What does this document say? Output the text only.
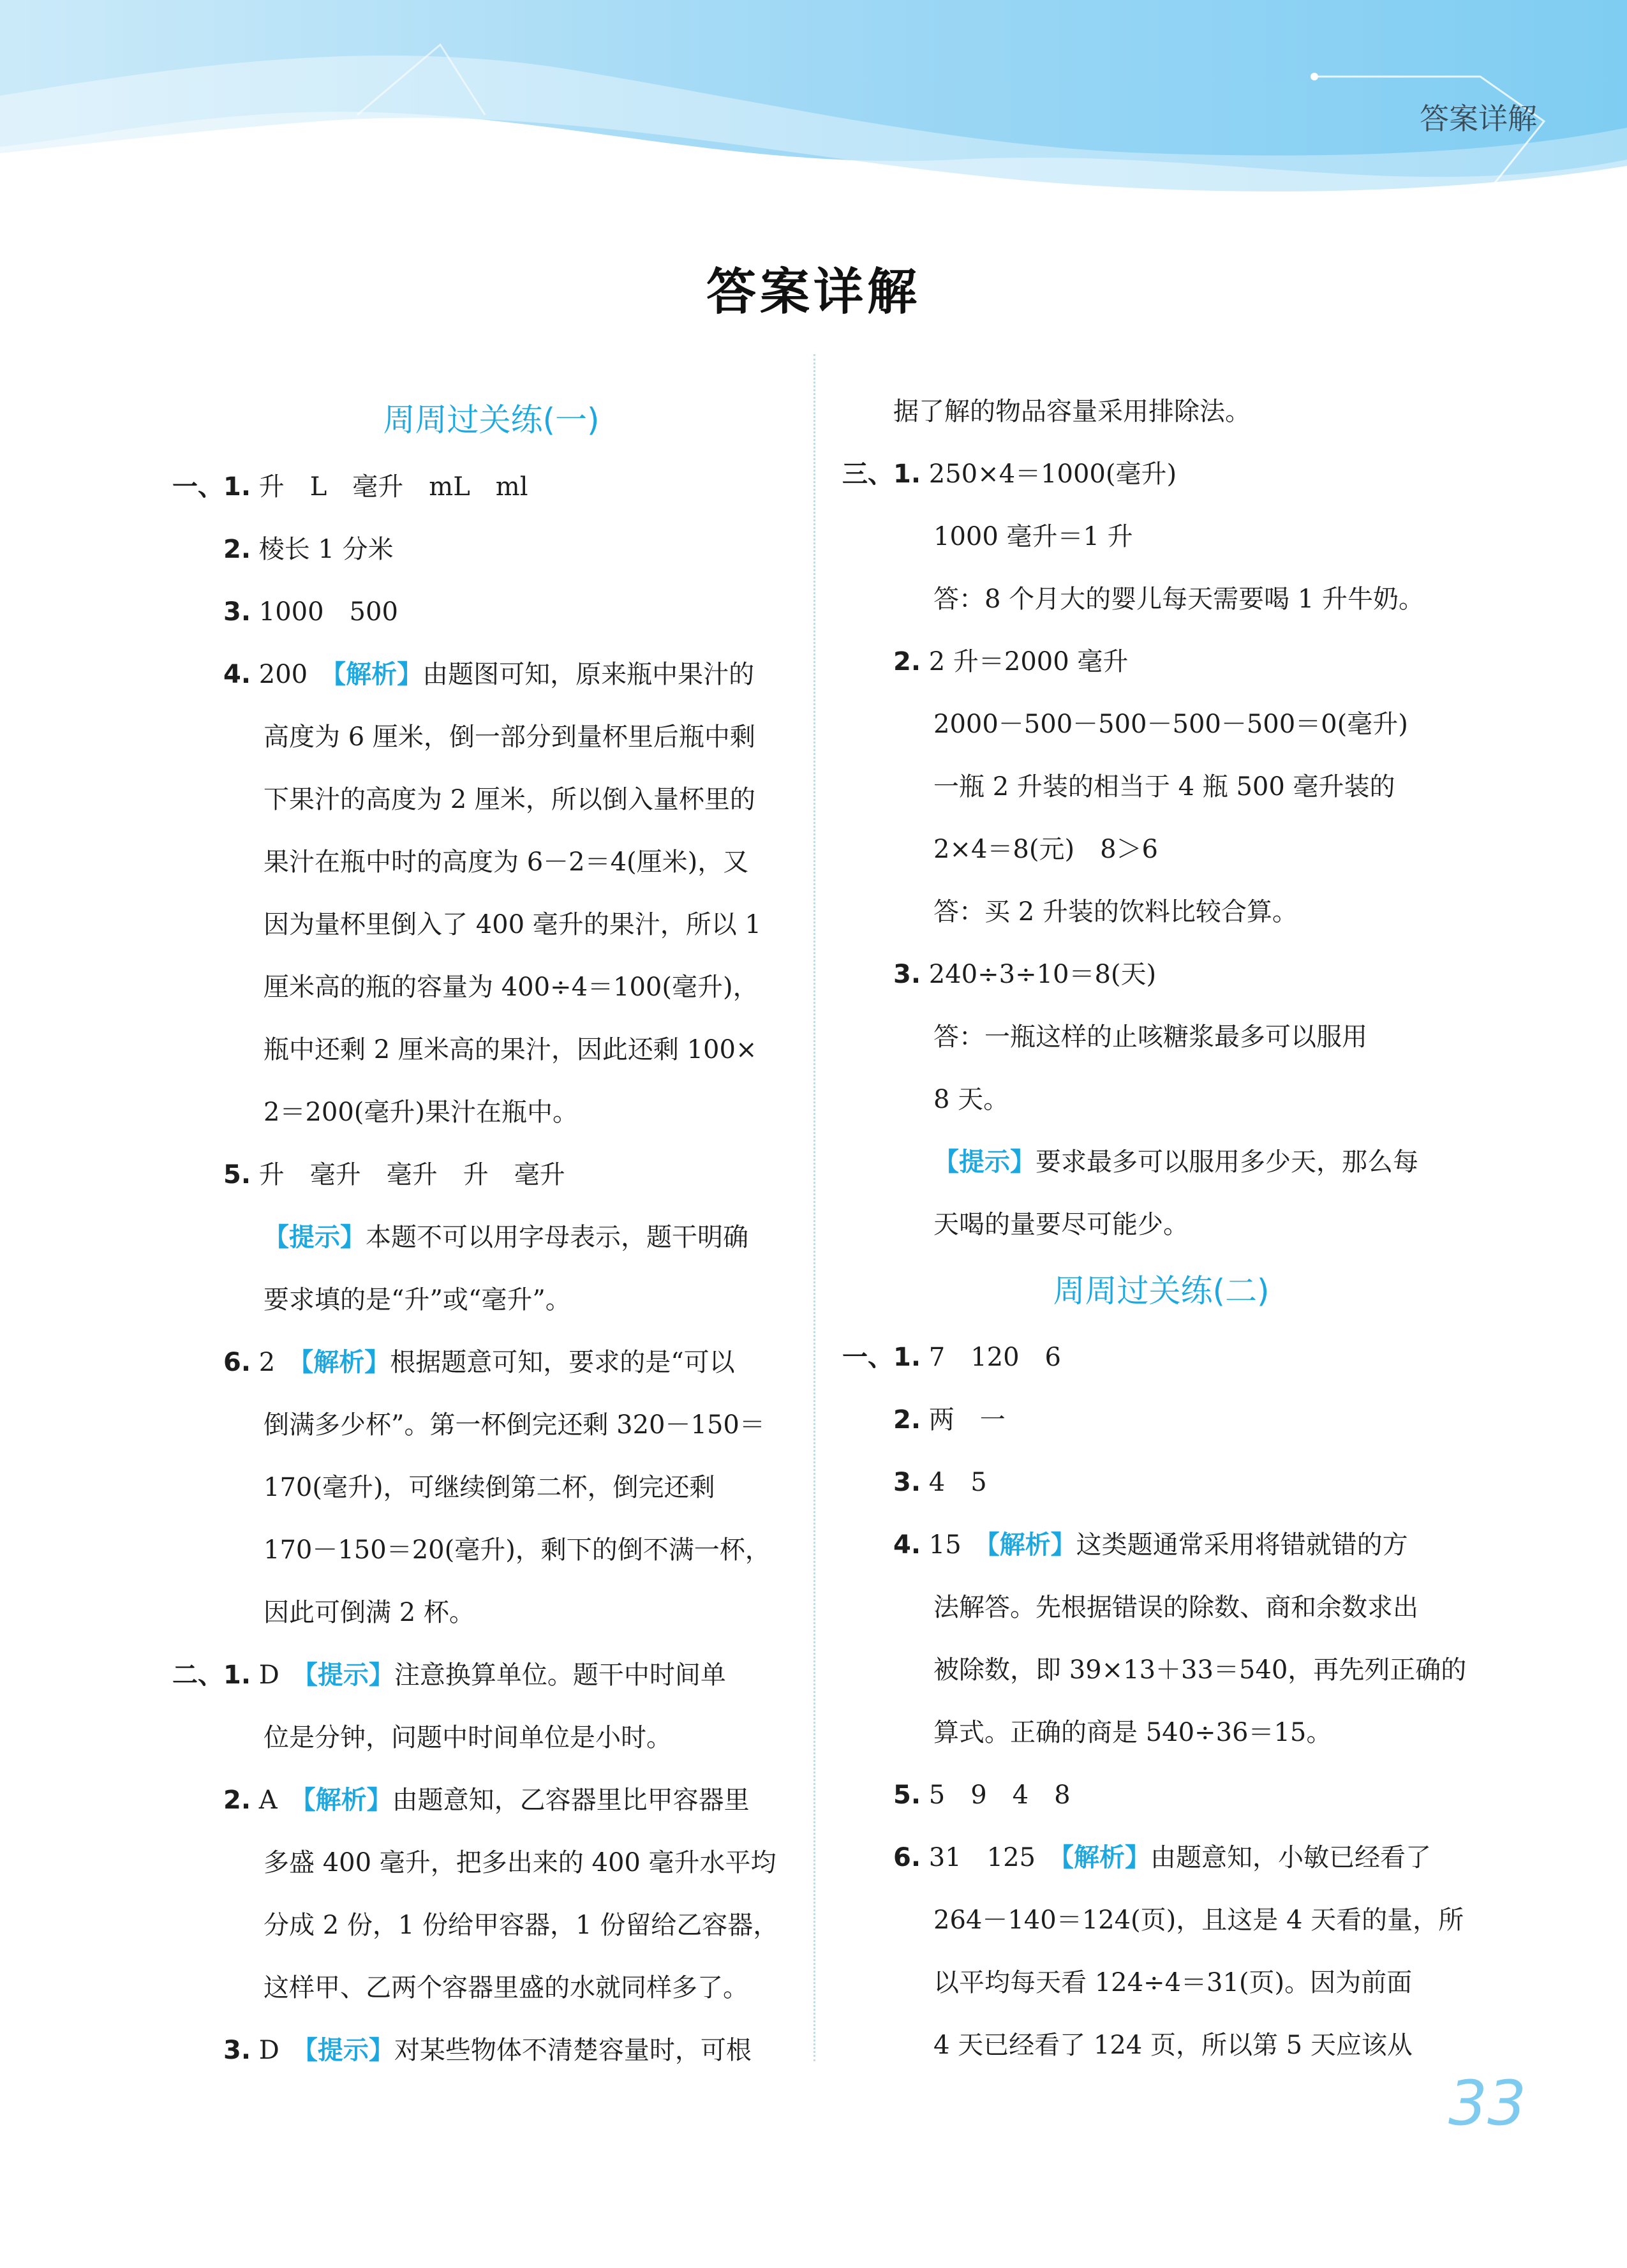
答案详解
答案详解
周周过关练(一)
一、 1. 升　L　毫升　mL　ml
2. 棱长 1 分米
3. 1000　500
4. 200　【解析】由题图可知，原来瓶中果汁的
高度为 6 厘米，倒一部分到量杯里后瓶中剩
下果汁的高度为 2 厘米，所以倒入量杯里的
果汁在瓶中时的高度为 6－2＝4(厘米)，又
因为量杯里倒入了 400 毫升的果汁，所以 1
厘米高的瓶的容量为 400÷4＝100(毫升)，
瓶中还剩 2 厘米高的果汁，因此还剩 100×
2＝200(毫升)果汁在瓶中。
5. 升　毫升　毫升　升　毫升
【提示】本题不可以用字母表示，题干明确
要求填的是“升”或“毫升”。
6. 2　【解析】根据题意可知，要求的是“可以
倒满多少杯”。第一杯倒完还剩 320－150＝
170(毫升)，可继续倒第二杯，倒完还剩
170－150＝20(毫升)，剩下的倒不满一杯，
因此可倒满 2 杯。
二、 1. D　【提示】注意换算单位。题干中时间单
位是分钟，问题中时间单位是小时。
2. A　【解析】由题意知，乙容器里比甲容器里
多盛 400 毫升，把多出来的 400 毫升水平均
分成 2 份，1 份给甲容器，1 份留给乙容器，
这样甲、乙两个容器里盛的水就同样多了。
3. D　【提示】对某些物体不清楚容量时，可根
据了解的物品容量采用排除法。
三、 1. 250×4＝1000(毫升)
1000 毫升＝1 升
答：8 个月大的婴儿每天需要喝 1 升牛奶。
2. 2 升＝2000 毫升
2000－500－500－500－500＝0(毫升)
一瓶 2 升装的相当于 4 瓶 500 毫升装的
2×4＝8(元)　8＞6
答：买 2 升装的饮料比较合算。
3. 240÷3÷10＝8(天)
答：一瓶这样的止咳糖浆最多可以服用
8 天。
【提示】要求最多可以服用多少天，那么每
天喝的量要尽可能少。
周周过关练(二)
一、 1. 7　120　6
2. 两　一
3. 4　5
4. 15　【解析】这类题通常采用将错就错的方
法解答。先根据错误的除数、商和余数求出
被除数，即 39×13＋33＝540，再先列正确的
算式。正确的商是 540÷36＝15。
5. 5　9　4　8
6. 31　125　【解析】由题意知，小敏已经看了
264－140＝124(页)，且这是 4 天看的量，所
以平均每天看 124÷4＝31(页)。因为前面
4 天已经看了 124 页，所以第 5 天应该从
33
